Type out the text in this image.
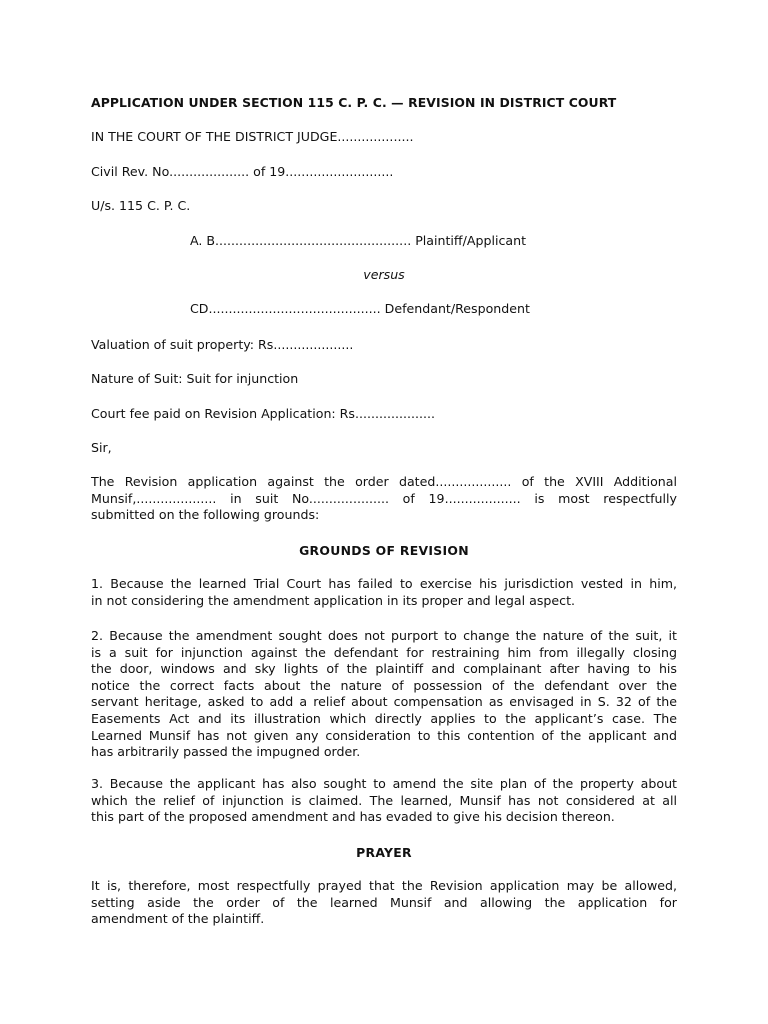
APPLICATION UNDER SECTION 115 C. P. C. — REVISION IN DISTRICT COURT
IN THE COURT OF THE DISTRICT JUDGE...................
Civil Rev. No.................... of 19...........................
U/s. 115 C. P. C.
A. B................................................. Plaintiff/Applicant
versus
CD........................................... Defendant/Respondent
Valuation of suit property: Rs....................
Nature of Suit: Suit for injunction
Court fee paid on Revision Application: Rs....................
Sir,
The Revision application against the order dated................... of the XVIII Additional
Munsif,.................... in suit No.................... of 19................... is most respectfully
submitted on the following grounds:
GROUNDS OF REVISION
1. Because the learned Trial Court has failed to exercise his jurisdiction vested in him,
in not considering the amendment application in its proper and legal aspect.
2. Because the amendment sought does not purport to change the nature of the suit, it
is a suit for injunction against the defendant for restraining him from illegally closing
the door, windows and sky lights of the plaintiff and complainant after having to his
notice the correct facts about the nature of possession of the defendant over the
servant heritage, asked to add a relief about compensation as envisaged in S. 32 of the
Easements Act and its illustration which directly applies to the applicant’s case. The
Learned Munsif has not given any consideration to this contention of the applicant and
has arbitrarily passed the impugned order.
3. Because the applicant has also sought to amend the site plan of the property about
which the relief of injunction is claimed. The learned, Munsif has not considered at all
this part of the proposed amendment and has evaded to give his decision thereon.
PRAYER
It is, therefore, most respectfully prayed that the Revision application may be allowed,
setting aside the order of the learned Munsif and allowing the application for
amendment of the plaintiff.
